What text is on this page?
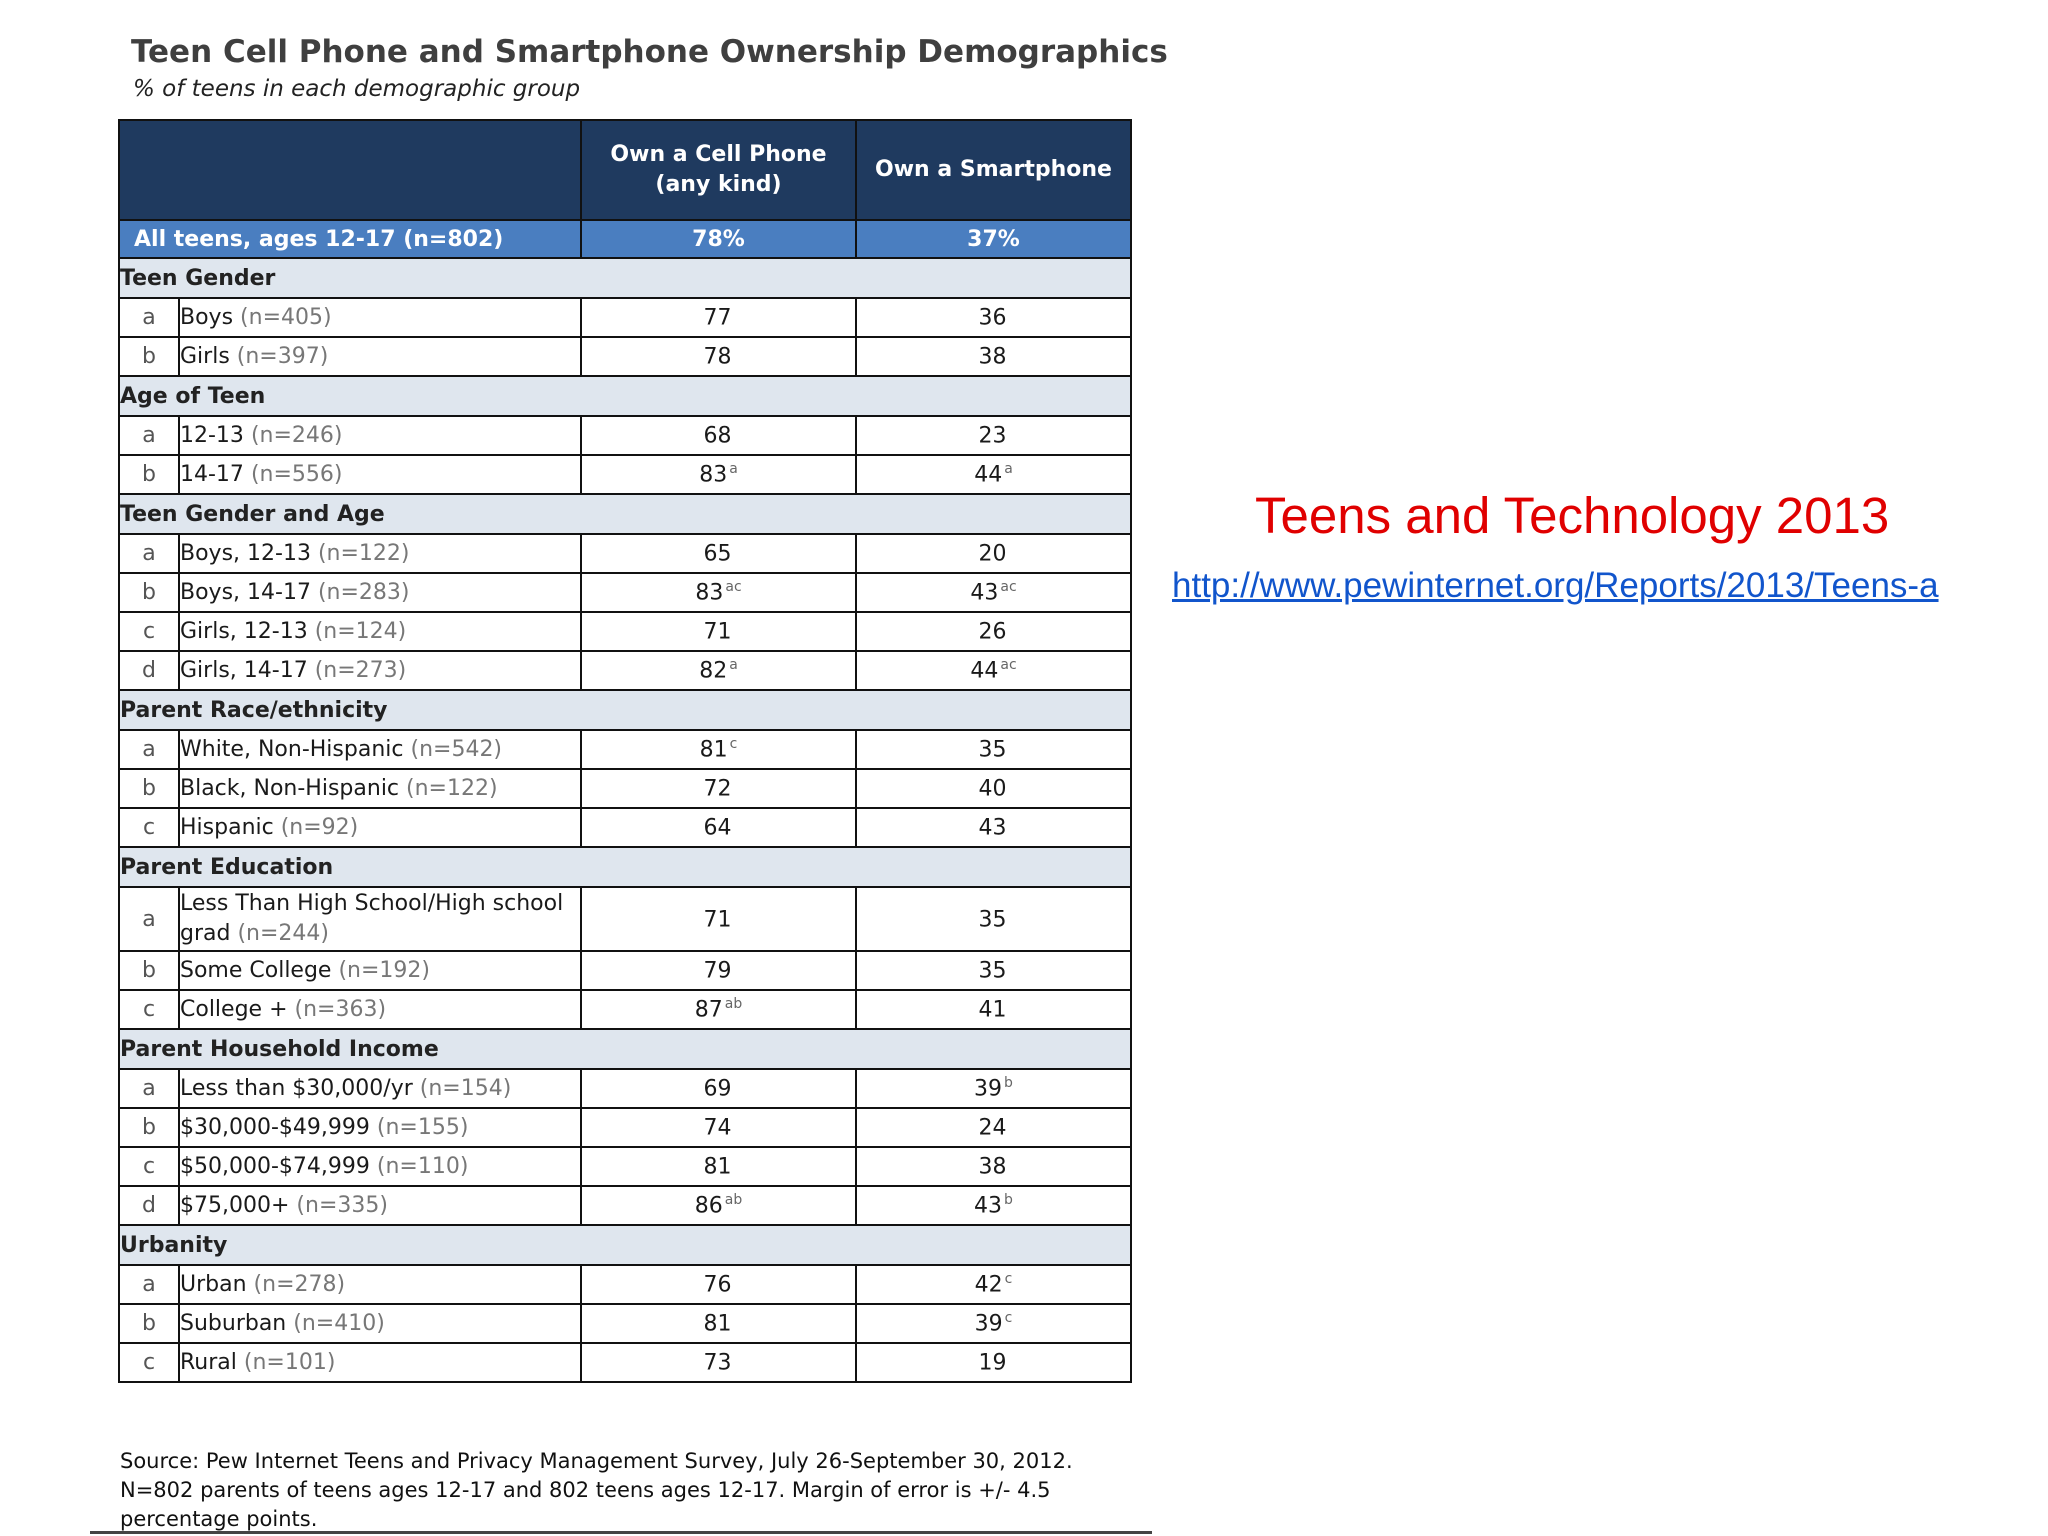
Teen Cell Phone and Smartphone Ownership Demographics
% of teens in each demographic group
		Own a Cell Phone (any kind)	Own a Smartphone
All teens, ages 12-17 (n=802)		78%	37%
Teen Gender			
a	Boys (n=405)	77	36
b	Girls (n=397)	78	38
Age of Teen			
a	12-13 (n=246)	68	23
b	14-17 (n=556)	83 $^a$	44 $^a$
Teen Gender and Age			
a	Boys, 12-13 (n=122)	65	20
b	Boys, 14-17 (n=283)	83 $^{ac}$	43 $^{ac}$
c	Girls, 12-13 (n=124)	71	26
d	Girls, 14-17 (n=273)	82 $^a$	44 $^{ac}$
Parent Race/ethnicity			
a	White, Non-Hispanic (n=542)	81 $^c$	35
b	Black, Non-Hispanic (n=122)	72	40
c	Hispanic (n=92)	64	43
Parent Education			
a	Less Than High School/High school grad (n=244)	71	35
b	Some College (n=192)	79	35
c	College + (n=363)	87 $^{ab}$	41
Parent Household Income			
a	Less than $30,000/yr (n=154)	69	39 $^b$
b	$30,000-$49,999 (n=155)	74	24
c	$50,000-$74,999 (n=110)	81	38
d	$75,000+ (n=335)	86 $^{ab}$	43 $^b$
Urbanity			
a	Urban (n=278)	76	42 $^c$
b	Suburban (n=410)	81	39 $^c$
c	Rural (n=101)	73	19
Source: Pew Internet Teens and Privacy Management Survey, July 26-September 30, 2012. N=802 parents of teens ages 12-17 and 802 teens ages 12-17. Margin of error is +/- 4.5 percentage points.
Teens and Technology 2013
http://www.pewinternet.org/Reports/2013/Teens-a
